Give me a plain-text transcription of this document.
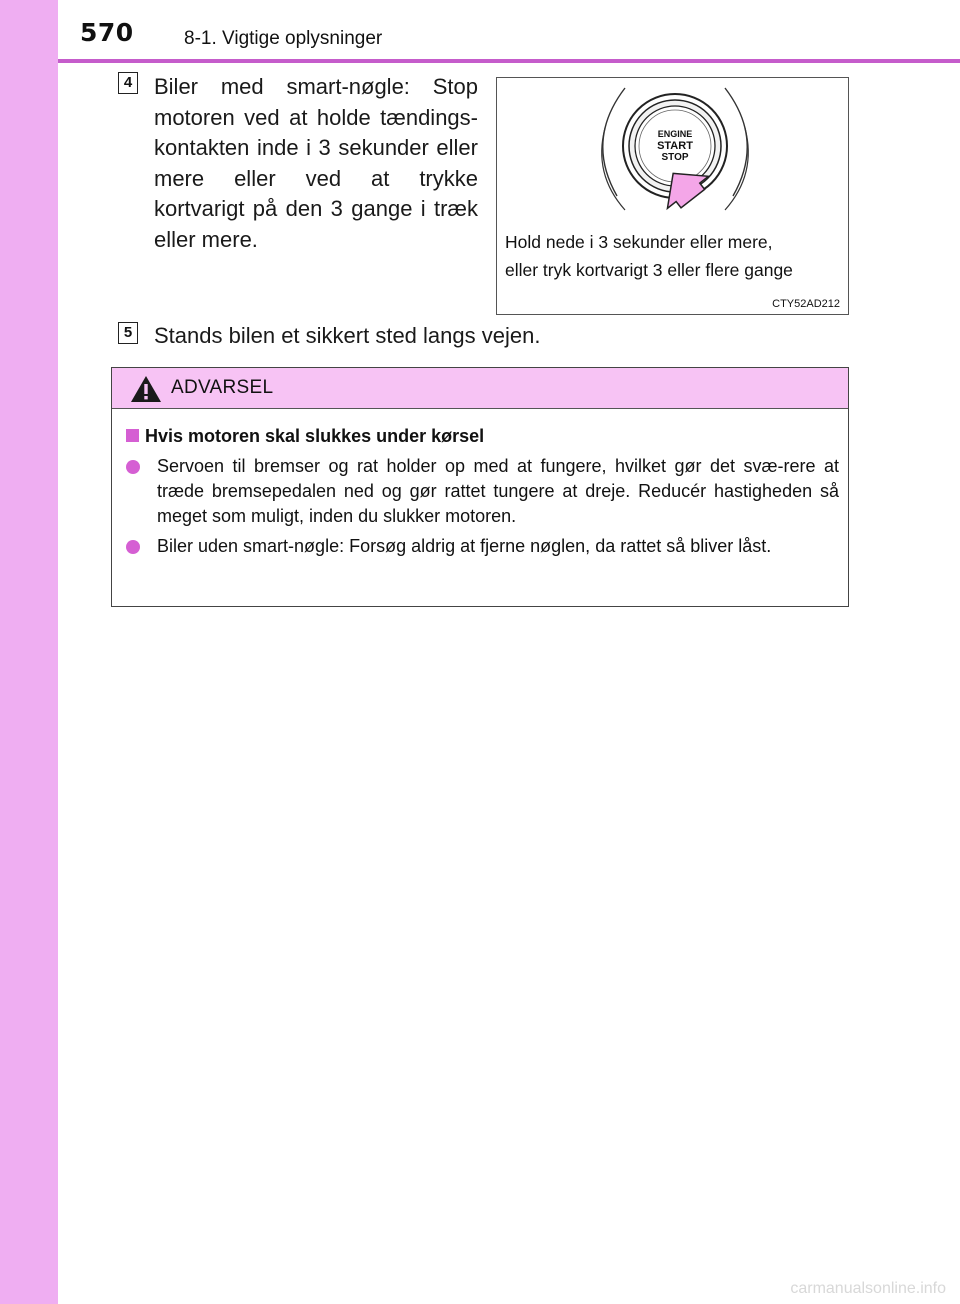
570	8-1. Vigtige oplysninger
4 Biler med smart-nøgle: Stop motoren ved at holde tændings-kontakten inde i 3 sekunder eller mere eller ved at trykke kortvarigt på den 3 gange i træk eller mere.
ENGINE
START
STOP
Hold nede i 3 sekunder eller mere,
eller tryk kortvarigt 3 eller flere gange
CTY52AD212
5 Stands bilen et sikkert sted langs vejen.
ADVARSEL
Hvis motoren skal slukkes under kørsel
Servoen til bremser og rat holder op med at fungere, hvilket gør det svæ-rere at træde bremsepedalen ned og gør rattet tungere at dreje. Reducér hastigheden så meget som muligt, inden du slukker motoren.
Biler uden smart-nøgle: Forsøg aldrig at fjerne nøglen, da rattet så bliver låst.
carmanualsonline.info
